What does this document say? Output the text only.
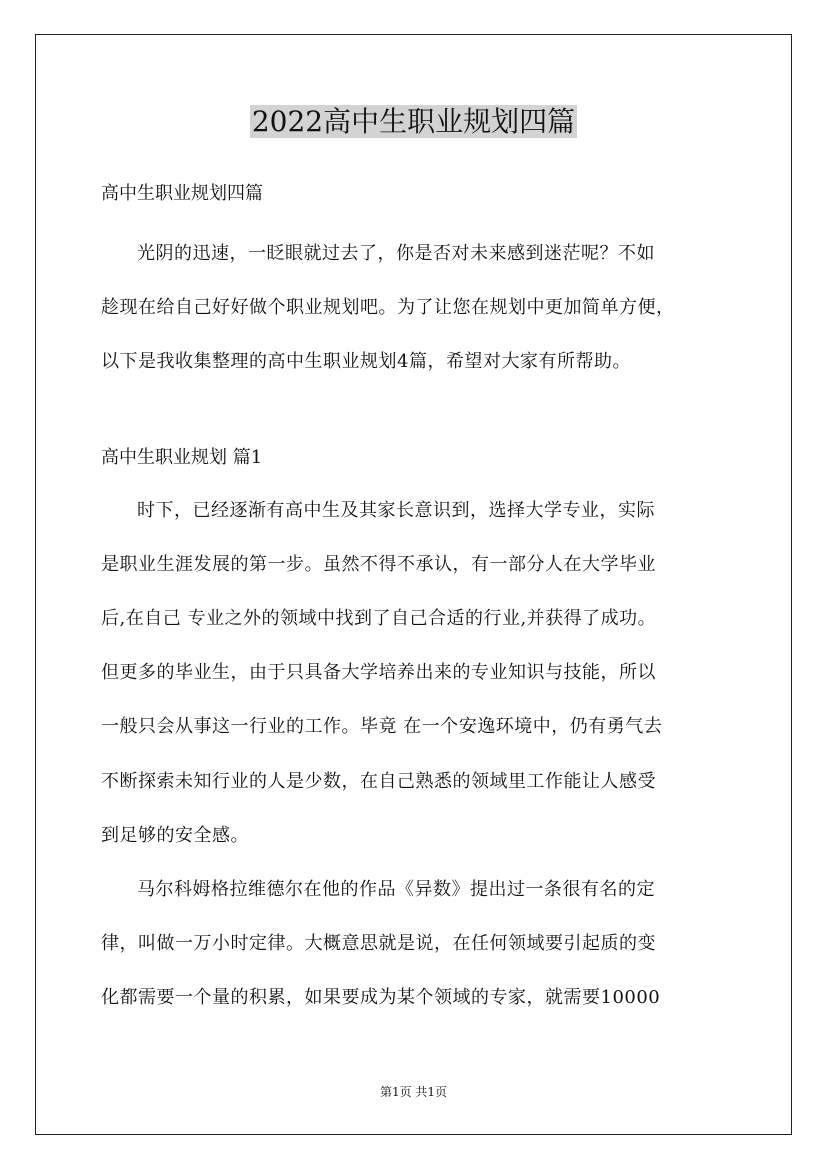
2022高中生职业规划四篇

高中生职业规划四篇

光阴的迅速，一眨眼就过去了，你是否对未来感到迷茫呢？不如
趁现在给自己好好做个职业规划吧。为了让您在规划中更加简单方便，
以下是我收集整理的高中生职业规划4篇，希望对大家有所帮助。

高中生职业规划 篇1

时下，已经逐渐有高中生及其家长意识到，选择大学专业，实际
是职业生涯发展的第一步。虽然不得不承认，有一部分人在大学毕业
后,在自己 专业之外的领域中找到了自己合适的行业,并获得了成功。
但更多的毕业生，由于只具备大学培养出来的专业知识与技能，所以
一般只会从事这一行业的工作。毕竟 在一个安逸环境中，仍有勇气去
不断探索未知行业的人是少数，在自己熟悉的领域里工作能让人感受
到足够的安全感。

马尔科姆格拉维德尔在他的作品《异数》提出过一条很有名的定
律，叫做一万小时定律。大概意思就是说，在任何领域要引起质的变
化都需要一个量的积累，如果要成为某个领域的专家，就需要10000

第1页 共1页
